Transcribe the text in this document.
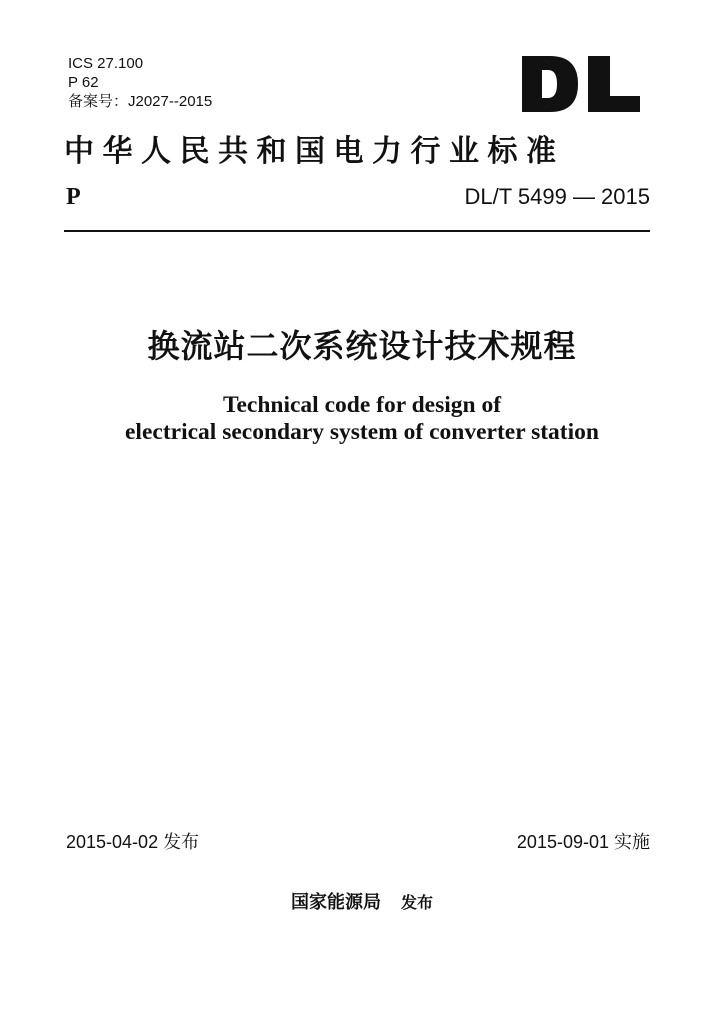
ICS 27.100
P 62
备案号：J2027--2015
中华人民共和国电力行业标准
P	DL/T 5499 — 2015
换流站二次系统设计技术规程
Technical code for design of
electrical secondary system of converter station
2015-04-02 发布	2015-09-01 实施
国家能源局 发布
